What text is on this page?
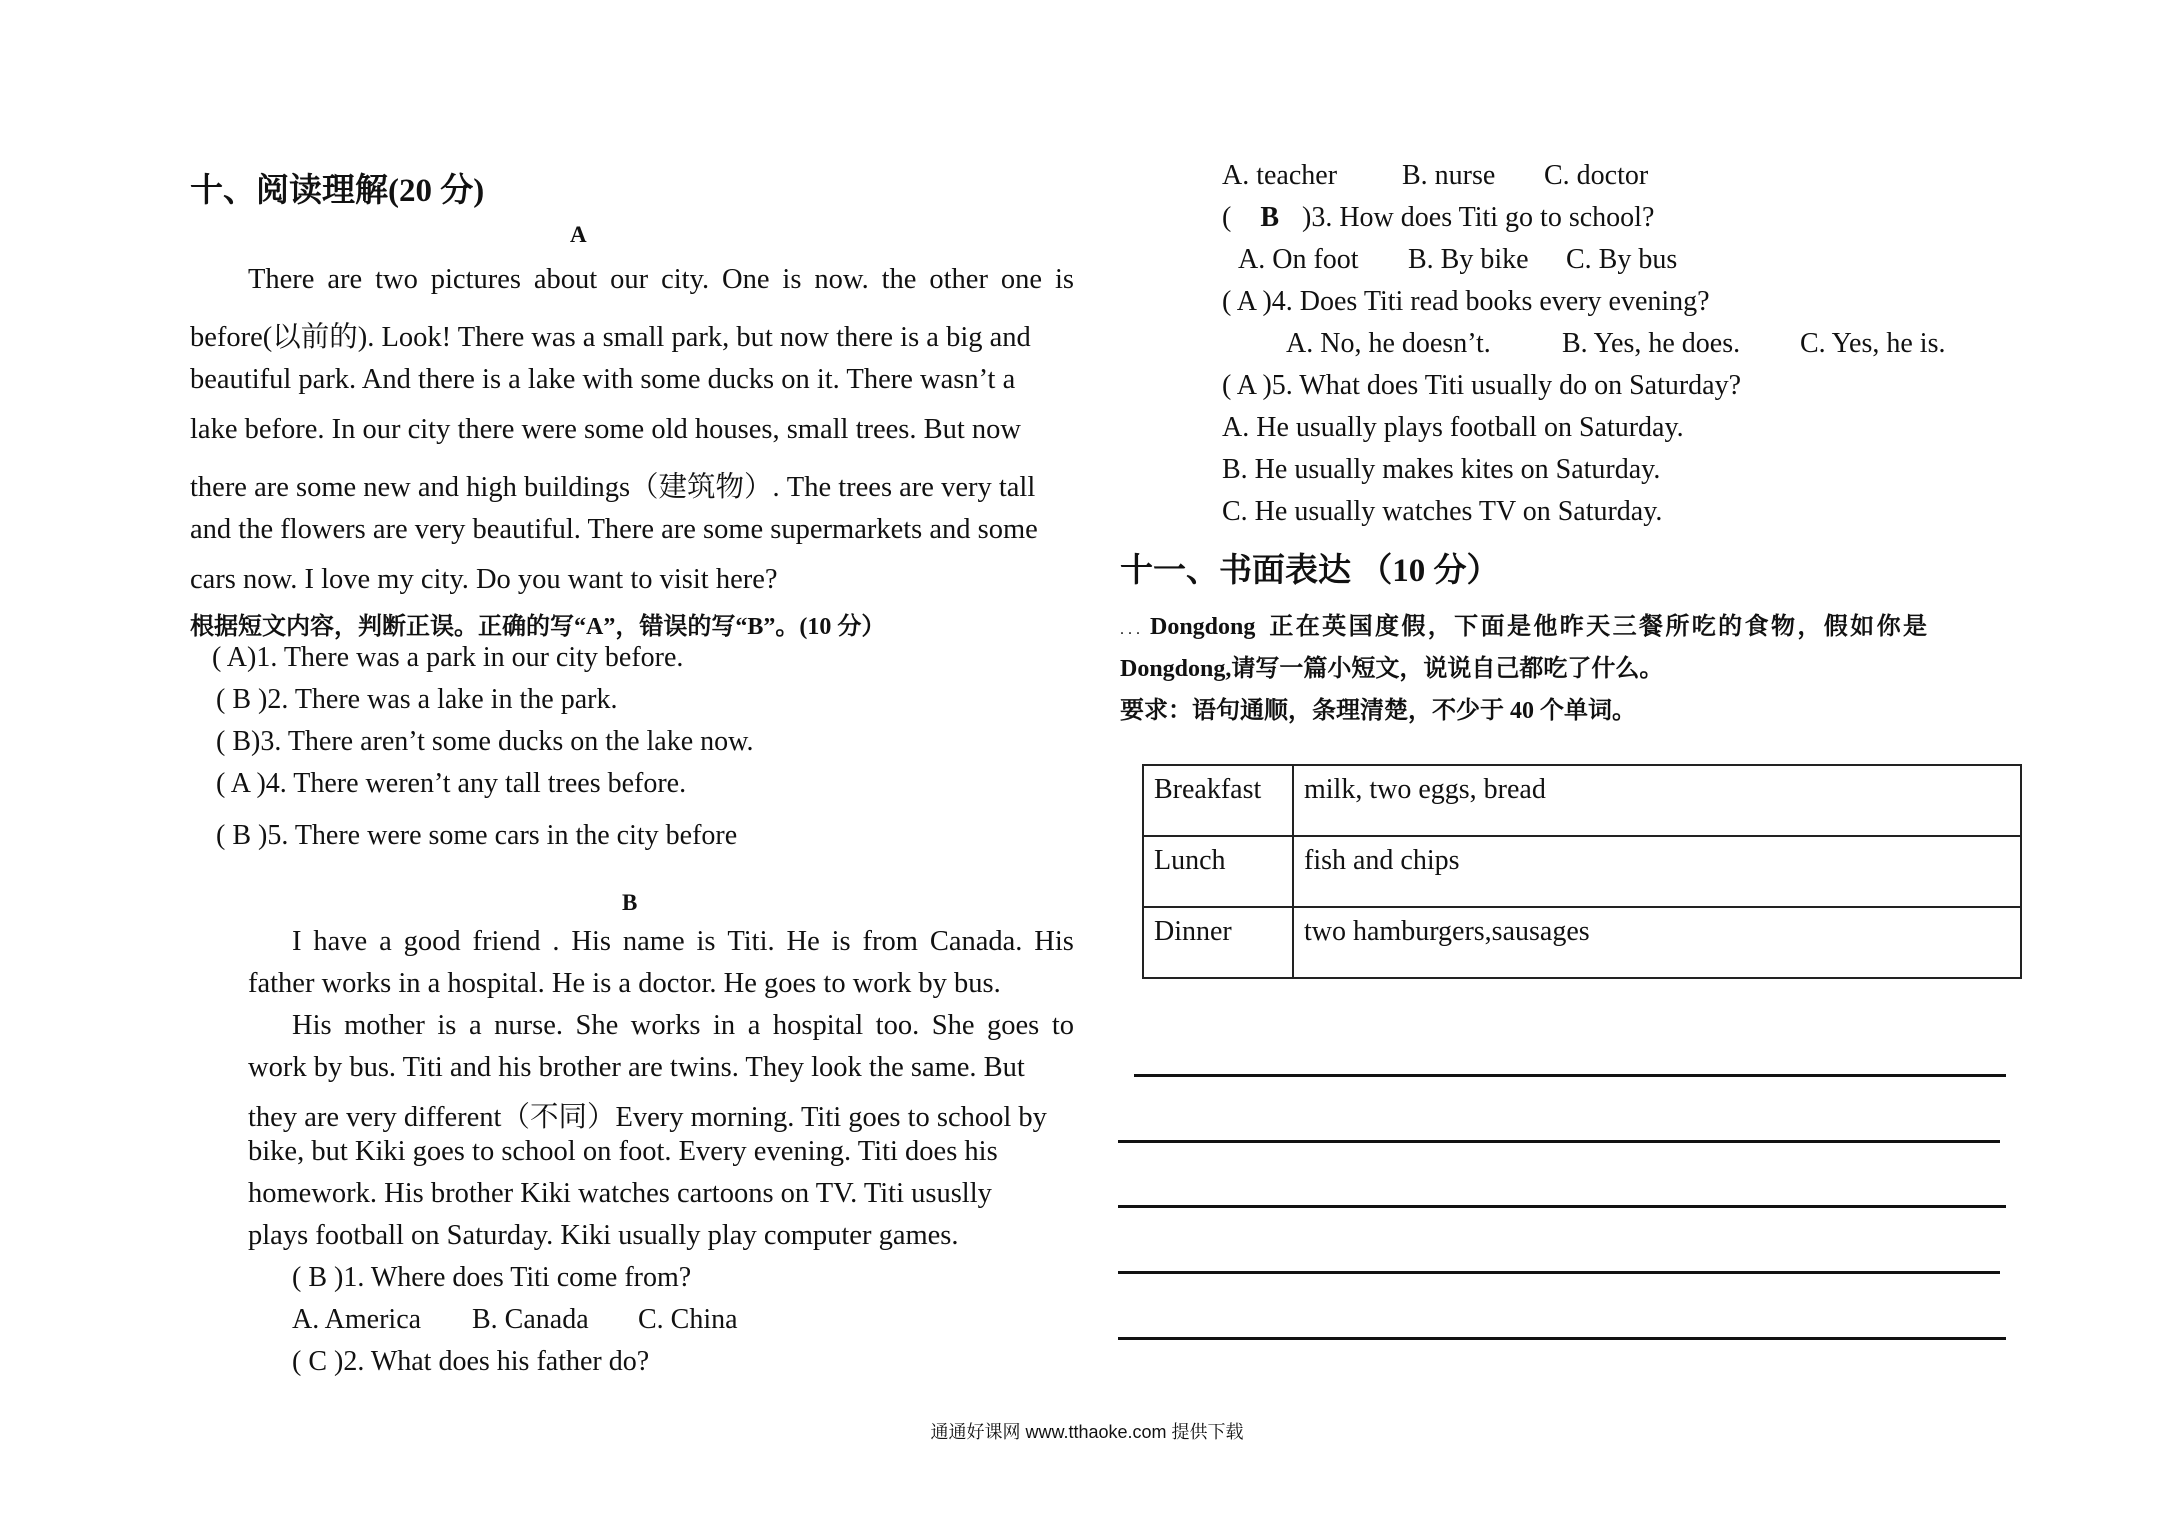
十、阅读理解(20 分)
A
There are two pictures about our city. One is now. the other one is
before(以前的). Look! There was a small park, but now there is a big and
beautiful park. And there is a lake with some ducks on it. There wasn’t a
lake before. In our city there were some old houses, small trees. But now
there are some new and high buildings（建筑物）. The trees are very tall
and the flowers are very beautiful. There are some supermarkets and some
cars now. I love my city. Do you want to visit here?
根据短文内容，判断正误。正确的写“A”，错误的写“B”。(10 分）
( A)1. There was a park in our city before.
( B )2. There was a lake in the park.
( B)3. There aren’t some ducks on the lake now.
( A )4. There weren’t any tall trees before.
( B )5. There were some cars in the city before
B
I have a good friend . His name is Titi. He is from Canada. His
father works in a hospital. He is a doctor. He goes to work by bus.
His mother is a nurse. She works in a hospital too. She goes to
work by bus. Titi and his brother are twins. They look the same. But
they are very different（不同）Every morning. Titi goes to school by
bike, but Kiki goes to school on foot. Every evening. Titi does his
homework. His brother Kiki watches cartoons on TV. Titi ususlly
plays football on Saturday. Kiki usually play computer games.
( B )1. Where does Titi come from?
A. America B. Canada C. China
( C )2. What does his father do?
A. teacher B. nurse C. doctor
( B )3. How does Titi go to school?
A. On foot B. By bike C. By bus
( A )4. Does Titi read books every evening?
A. No, he doesn’t.	B. Yes, he does. C. Yes, he is.
( A )5. What does Titi usually do on Saturday?
A. He usually plays football on Saturday.
B. He usually makes kites on Saturday.
C. He usually watches TV on Saturday.
十一、书面表达 （10 分）
. . . Dongdong 正在英国度假，下面是他昨天三餐所吃的食物，假如你是
Dongdong,请写一篇小短文，说说自己都吃了什么。
要求：语句通顺，条理清楚，不少于 40 个单词。
Breakfast	milk, two eggs, bread
Lunch	fish and chips
Dinner	two hamburgers,sausages
通通好课网 www.tthaoke.com 提供下载
